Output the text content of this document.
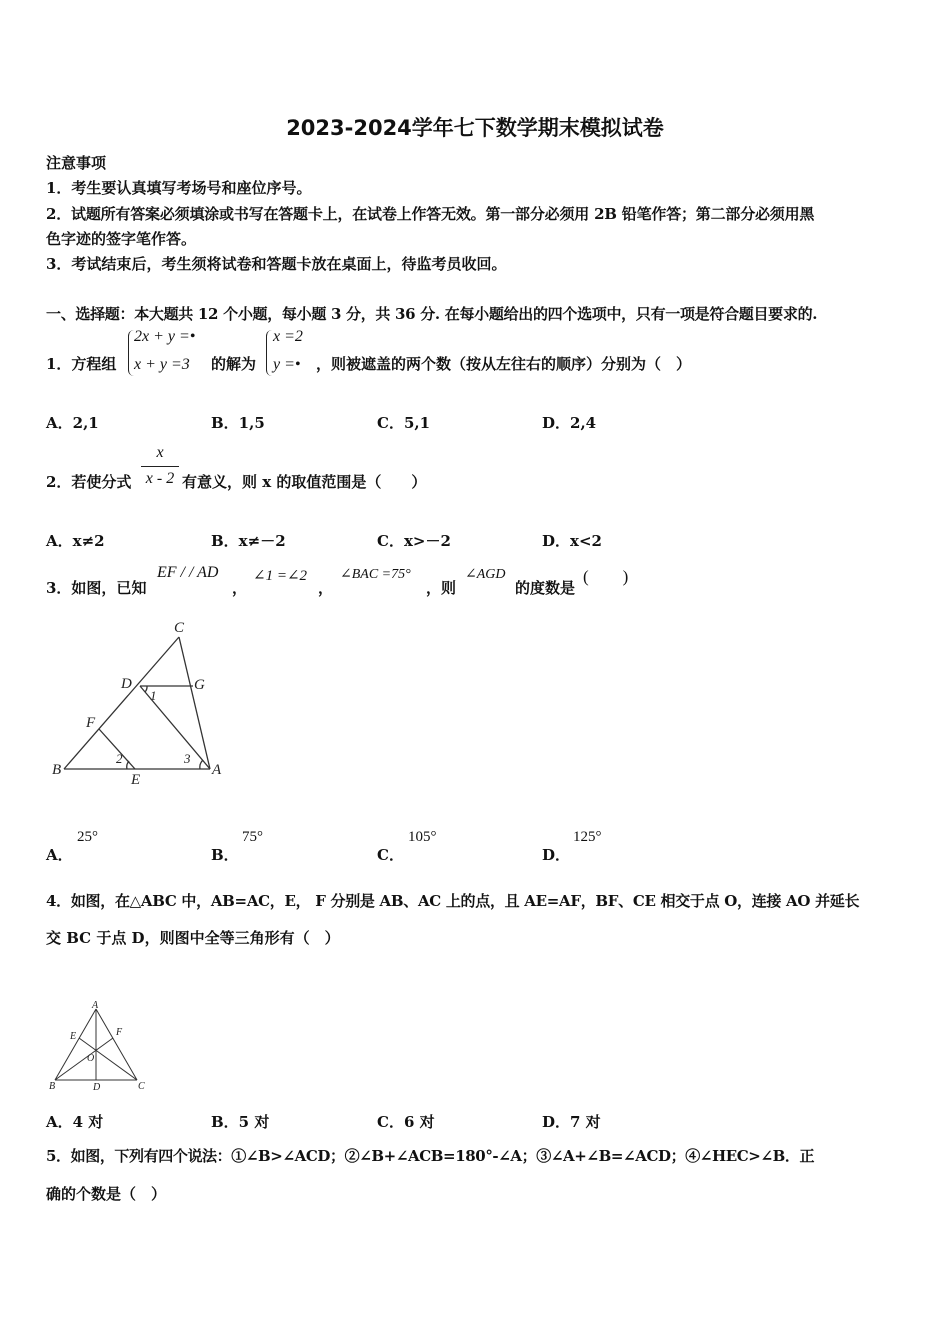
2023-2024学年七下数学期末模拟试卷
注意事项
1．考生要认真填写考场号和座位序号。
2．试题所有答案必须填涂或书写在答题卡上，在试卷上作答无效。第一部分必须用 2B 铅笔作答；第二部分必须用黑
色字迹的签字笔作答。
3．考试结束后，考生须将试卷和答题卡放在桌面上，待监考员收回。
一、选择题：本大题共 12 个小题，每小题 3 分，共 36 分. 在每小题给出的四个选项中，只有一项是符合题目要求的.
1．方程组
2x + y =•
x + y =3 的解为
x =2
y =• ，则被遮盖的两个数（按从左往右的顺序）分别为（　）
A．2,1	B．1,5	C．5,1	D．2,4
2．若使分式
x
x - 2 有意义，则 x 的取值范围是（　　）
A．x≠2	B．x≠－2	C．x>－2	D．x<2
3．如图，已知
EF / / AD
，
∠1 =∠2
，
∠BAC =75°
，则
∠AGD
的度数是
(　　)
C
D	G
1
F
2	3
B
E
A
A．
25°
B．
75°
C．
105°
D．
125°
4．如图，在△ABC 中，AB=AC，E， F 分别是 AB、AC 上的点，且 AE=AF，BF、CE 相交于点 O，连接 AO 并延长
交 BC 于点 D，则图中全等三角形有（　）
A
E	F
O
B	D	C
A．4 对	B．5 对	C．6 对	D．7 对
5．如图，下列有四个说法：①∠B>∠ACD；②∠B+∠ACB=180°-∠A；③∠A+∠B=∠ACD；④∠HEC>∠B．正
确的个数是（　）
